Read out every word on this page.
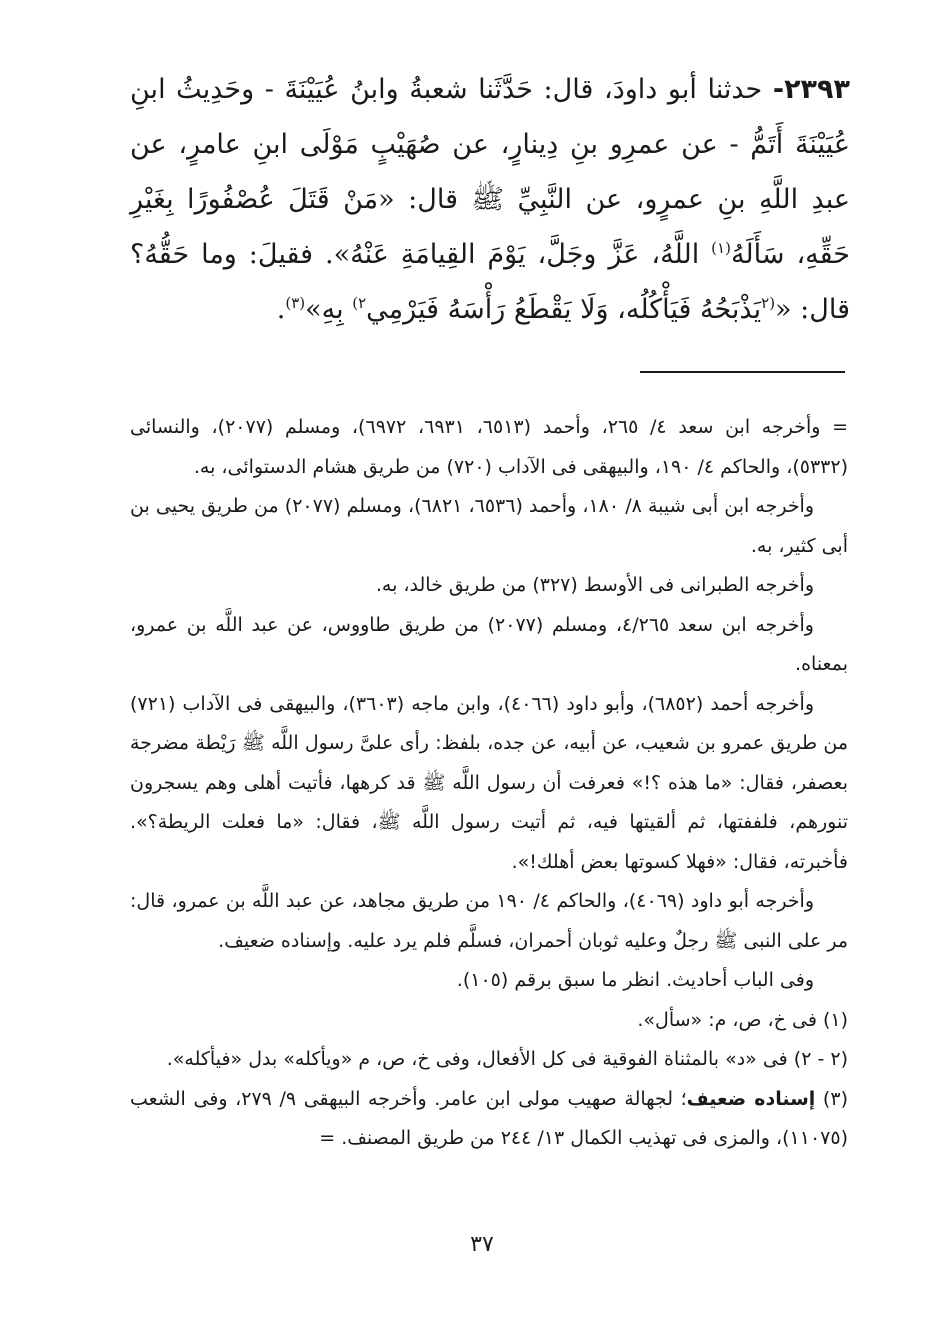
٢٣٩٣- حدثنا أبو داودَ، قال: حَدَّثَنا شعبةُ وابنُ عُيَيْنَةَ - وحَدِيثُ ابنِ عُيَيْنَةَ أَتَمُّ - عن عمرِو بنِ دِينارٍ، عن صُهَيْبٍ مَوْلَى ابنِ عامرٍ، عن عبدِ اللَّهِ بنِ عمرٍو، عن النَّبِيِّ ﷺ قال: «مَنْ قَتَلَ عُصْفُورًا بِغَيْرِ حَقِّهِ، سَأَلَهُ$^{(١)}$ اللَّهُ، عَزَّ وجَلَّ، يَوْمَ القِيامَةِ عَنْهُ». فقيلَ: وما حَقُّهُ؟ قال: «$^{(٢}$يَذْبَحُهُ فَيَأْكُلُه، وَلَا يَقْطَعُ رَأْسَهُ فَيَرْمِي$^{٢)}$ بِهِ»$^{(٣)}$.

= وأخرجه ابن سعد ٤/ ٢٦٥، وأحمد (٦٥١٣، ٦٩٣١، ٦٩٧٢)، ومسلم (٢٠٧٧)، والنسائى (٥٣٣٢)، والحاكم ٤/ ١٩٠، والبيهقى فى الآداب (٧٢٠) من طريق هشام الدستوائى، به.

وأخرجه ابن أبى شيبة ٨/ ١٨٠، وأحمد (٦٥٣٦، ٦٨٢١)، ومسلم (٢٠٧٧) من طريق يحيى بن أبى كثير، به.

وأخرجه الطبرانى فى الأوسط (٣٢٧) من طريق خالد، به.

وأخرجه ابن سعد ٤/٢٦٥، ومسلم (٢٠٧٧) من طريق طاووس، عن عبد اللَّه بن عمرو، بمعناه.

وأخرجه أحمد (٦٨٥٢)، وأبو داود (٤٠٦٦)، وابن ماجه (٣٦٠٣)، والبيهقى فى الآداب (٧٢١) من طريق عمرو بن شعيب، عن أبيه، عن جده، بلفظ: رأى علىَّ رسول اللَّه ﷺ رَيْطة مضرجة بعصفر، فقال: «ما هذه ؟!» فعرفت أن رسول اللَّه ﷺ قد كرهها، فأتيت أهلى وهم يسجرون تنورهم، فلففتها، ثم ألقيتها فيه، ثم أتيت رسول اللَّه ﷺ، فقال: «ما فعلت الريطة؟». فأخبرته، فقال: «فهلا كسوتها بعض أهلك!».

وأخرجه أبو داود (٤٠٦٩)، والحاكم ٤/ ١٩٠ من طريق مجاهد، عن عبد اللَّه بن عمرو، قال: مر على النبى ﷺ رجلٌ وعليه ثوبان أحمران، فسلَّم فلم يرد عليه. وإسناده ضعيف.

وفى الباب أحاديث. انظر ما سبق برقم (١٠٥).

(١) فى خ، ص، م: «سأل».

(٢ - ٢) فى «د» بالمثناة الفوقية فى كل الأفعال، وفى خ، ص، م «ويأكله» بدل «فيأكله».

(٣) إسناده ضعيف؛ لجهالة صهيب مولى ابن عامر. وأخرجه البيهقى ٩/ ٢٧٩، وفى الشعب (١١٠٧٥)، والمزى فى تهذيب الكمال ١٣/ ٢٤٤ من طريق المصنف. =

٣٧
